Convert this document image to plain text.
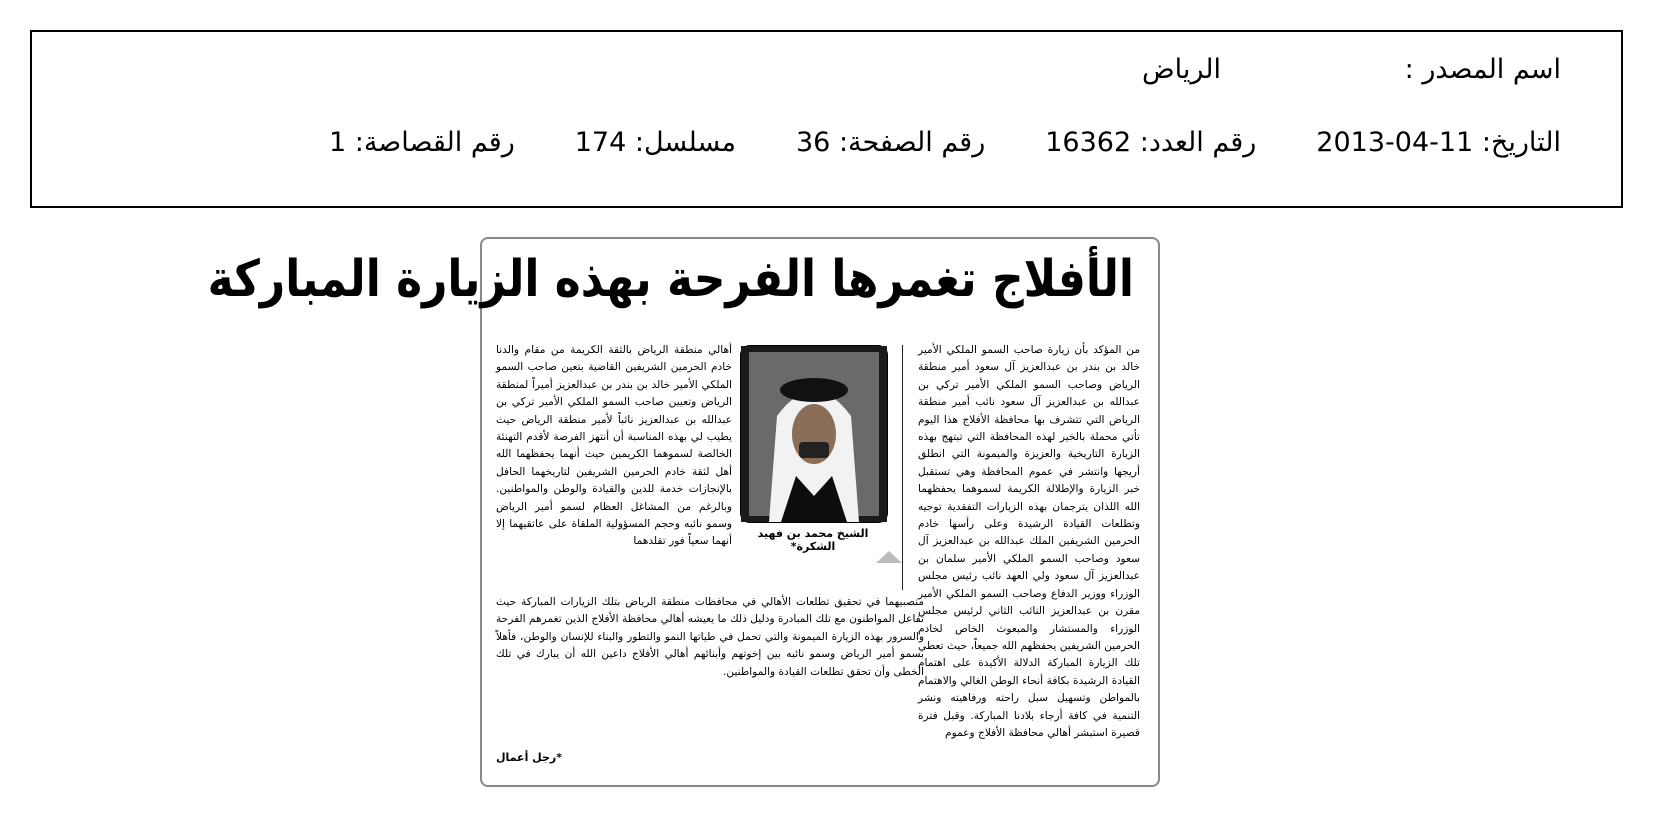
اسم المصدر :
الرياض
التاريخ: 11-04-2013
رقم العدد: 16362
رقم الصفحة: 36
مسلسل: 174
رقم القصاصة: 1
الأفلاج تغمرها الفرحة بهذه الزيارة المباركة
من المؤكد بأن زيارة صاحب السمو الملكي الأمير خالد بن بندر بن عبدالعزيز آل سعود أمير منطقة الرياض وصاحب السمو الملكي الأمير تركي بن عبدالله بن عبدالعزيز آل سعود نائب أمير منطقة الرياض التي تتشرف بها محافظة الأفلاج هذا اليوم تأتي محملة بالخير لهذه المحافظة التي تبتهج بهذه الزيارة التاريخية والعزيزة والميمونة التي انطلق أريجها وانتشر في عموم المحافظة وهي تستقبل خبر الزيارة والإطلالة الكريمة لسموهما يحفظهما الله اللذان يترجمان بهذه الزيارات التفقدية توجيه وتطلعات القيادة الرشيدة وعلى رأسها خادم الحرمين الشريفين الملك عبدالله بن عبدالعزيز آل سعود وصاحب السمو الملكي الأمير سلمان بن عبدالعزيز آل سعود ولي العهد نائب رئيس مجلس الوزراء ووزير الدفاع وصاحب السمو الملكي الأمير مقرن بن عبدالعزيز النائب الثاني لرئيس مجلس الوزراء والمستشار والمبعوث الخاص لخادم الحرمين الشريفين يحفظهم الله جميعاً، حيث تعطي تلك الزيارة المباركة الدلالة الأكيدة على اهتمام القيادة الرشيدة بكافة أنحاء الوطن الغالي والاهتمام بالمواطن وتسهيل سبل راحته ورفاهيته ونشر التنمية في كافة أرجاء بلادنا المباركة. وقبل فترة قصيرة استبشر أهالي محافظة الأفلاج وعموم
الشيخ محمد بن فهيد الشكرة*
أهالي منطقة الرياض بالثقة الكريمة من مقام والدنا خادم الحرمين الشريفين القاضية بتعين صاحب السمو الملكي الأمير خالد بن بندر بن عبدالعزيز أميراً لمنطقة الرياض وتعيين صاحب السمو الملكي الأمير تركي بن عبدالله بن عبدالعزيز نائباً لأمير منطقة الرياض حيث يطيب لي بهذه المناسبة أن أنتهز الفرصة لأقدم التهنئة الخالصة لسموهما الكريمين حيث أنهما يحفظهما الله أهل لثقة خادم الحرمين الشريفين لتاريخهما الحافل بالإنجازات خدمة للدين والقيادة والوطن والمواطنين. وبالرغم من المشاغل العظام لسمو أمير الرياض وسمو نائبه وحجم المسؤولية الملقاة على عاتقيهما إلا أنهما سعياً فور تقلدهما
منصبيهما في تحقيق تطلعات الأهالي في محافظات منطقة الرياض بتلك الزيارات المباركة حيث تفاعل المواطنون مع تلك المبادرة ودليل ذلك ما يعيشه أهالي محافظة الأفلاج الذين تغمرهم الفرحة والسرور بهذه الزيارة الميمونة والتي تحمل في طياتها النمو والتطور والبناء للإنسان والوطن، فأهلاً بسمو أمير الرياض وسمو نائبه بين إخوتهم وأبنائهم أهالي الأفلاج داعين الله أن يبارك في تلك الخطى وأن تحقق تطلعات القيادة والمواطنين.
*رجل أعمال
